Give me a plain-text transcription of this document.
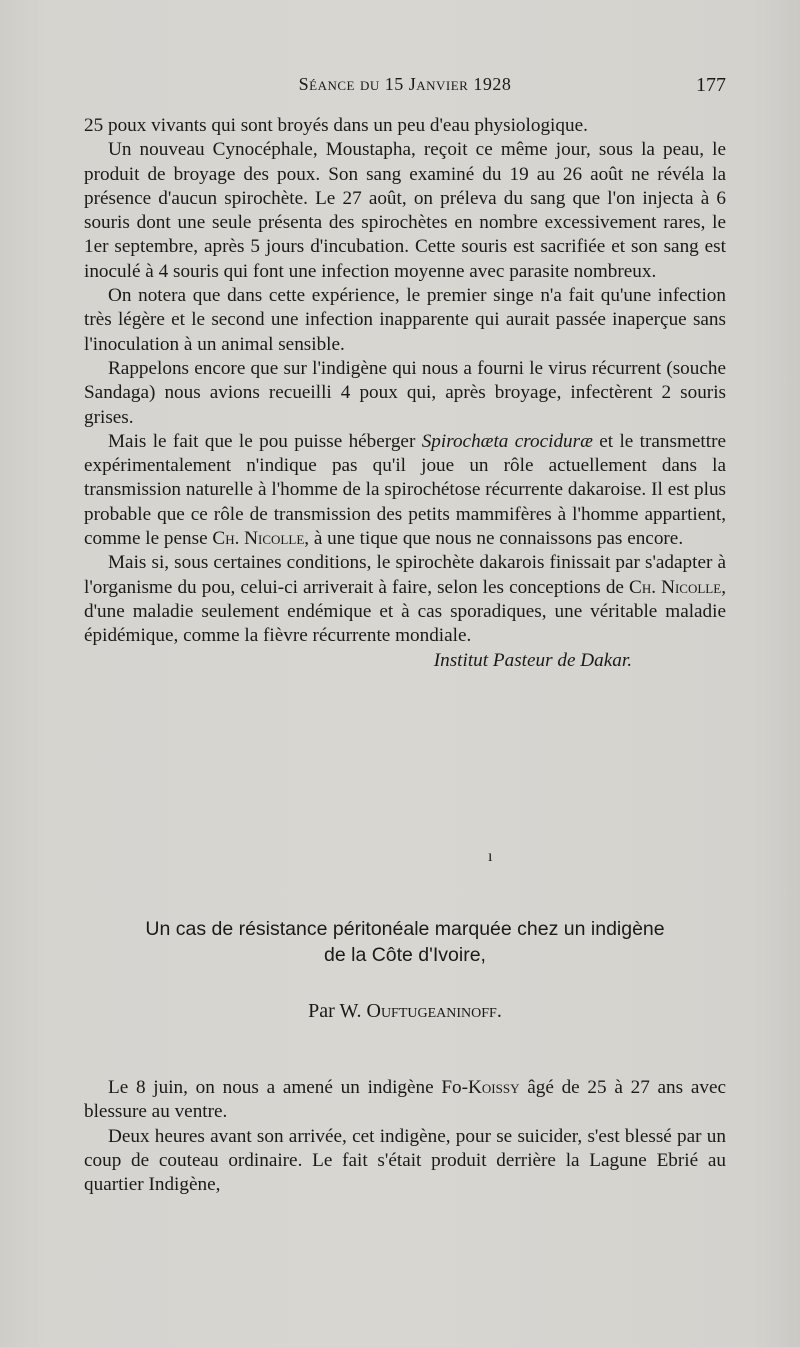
Séance du 15 Janvier 1928	177

25 poux vivants qui sont broyés dans un peu d'eau physiologique.

Un nouveau Cynocéphale, Moustapha, reçoit ce même jour, sous la peau, le produit de broyage des poux. Son sang examiné du 19 au 26 août ne révéla la présence d'aucun spirochète. Le 27 août, on préleva du sang que l'on injecta à 6 souris dont une seule présenta des spirochètes en nombre excessivement rares, le 1er septembre, après 5 jours d'incubation. Cette souris est sacrifiée et son sang est inoculé à 4 souris qui font une infection moyenne avec parasite nombreux.

On notera que dans cette expérience, le premier singe n'a fait qu'une infection très légère et le second une infection inapparente qui aurait passée inaperçue sans l'inoculation à un animal sensible.

Rappelons encore que sur l'indigène qui nous a fourni le virus récurrent (souche Sandaga) nous avions recueilli 4 poux qui, après broyage, infectèrent 2 souris grises.

Mais le fait que le pou puisse héberger Spirochæta crociduræ et le transmettre expérimentalement n'indique pas qu'il joue un rôle actuellement dans la transmission naturelle à l'homme de la spirochétose récurrente dakaroise. Il est plus probable que ce rôle de transmission des petits mammifères à l'homme appartient, comme le pense Ch. Nicolle, à une tique que nous ne connaissons pas encore.

Mais si, sous certaines conditions, le spirochète dakarois finissait par s'adapter à l'organisme du pou, celui-ci arriverait à faire, selon les conceptions de Ch. Nicolle, d'une maladie seulement endémique et à cas sporadiques, une véritable maladie épidémique, comme la fièvre récurrente mondiale.

Institut Pasteur de Dakar.

ı
Un cas de résistance péritonéale marquée chez un indigène
de la Côte d'Ivoire,
Par W. Ouftugeaninoff.

Le 8 juin, on nous a amené un indigène Fo-Koissy âgé de 25 à 27 ans avec blessure au ventre.

Deux heures avant son arrivée, cet indigène, pour se suicider, s'est blessé par un coup de couteau ordinaire. Le fait s'était produit derrière la Lagune Ebrié au quartier Indigène,
